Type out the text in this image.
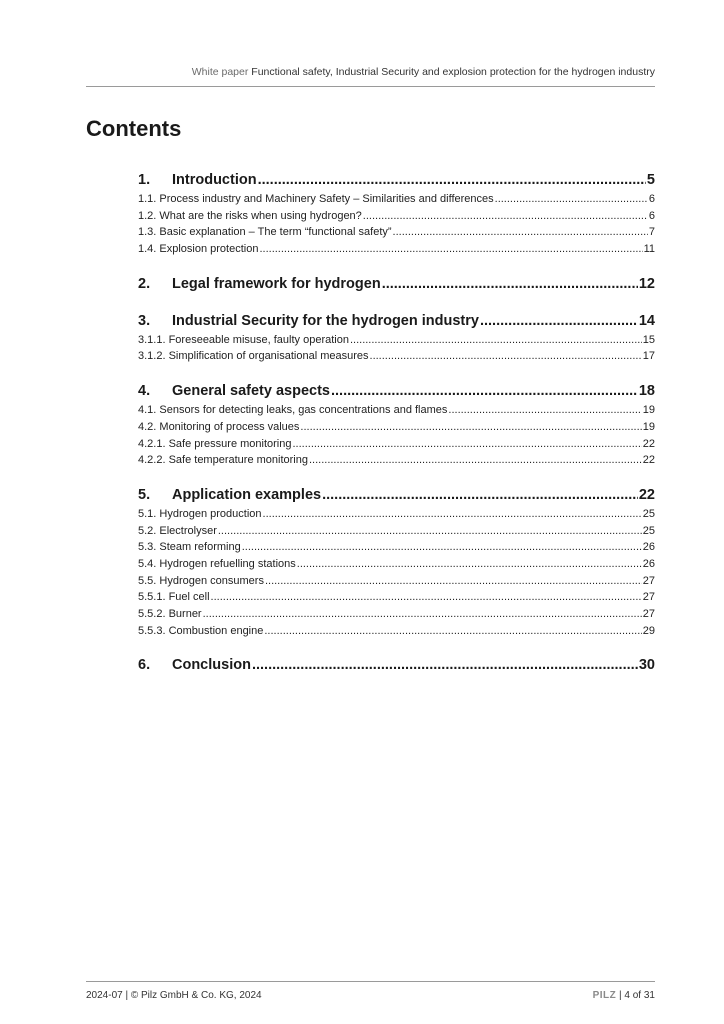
White paper Functional safety, Industrial Security and explosion protection for the hydrogen industry
Contents
1.	Introduction .....	5
1.1. Process industry and Machinery Safety – Similarities and differences .....	6
1.2. What are the risks when using hydrogen? .....	6
1.3. Basic explanation – The term “functional safety” .....	7
1.4. Explosion protection .....	11
2.	Legal framework for hydrogen .....	12
3.	Industrial Security for the hydrogen industry .....	14
3.1.1. Foreseeable misuse, faulty operation .....	15
3.1.2. Simplification of organisational measures .....	17
4.	General safety aspects .....	18
4.1. Sensors for detecting leaks, gas concentrations and flames .....	19
4.2. Monitoring of process values .....	19
4.2.1. Safe pressure monitoring .....	22
4.2.2. Safe temperature monitoring .....	22
5.	Application examples .....	22
5.1. Hydrogen production .....	25
5.2. Electrolyser .....	25
5.3. Steam reforming .....	26
5.4. Hydrogen refuelling stations .....	26
5.5. Hydrogen consumers .....	27
5.5.1. Fuel cell .....	27
5.5.2. Burner .....	27
5.5.3. Combustion engine .....	29
6.	Conclusion .....	30
2024-07 | © Pilz GmbH & Co. KG, 2024	PILZ | 4 of 31
